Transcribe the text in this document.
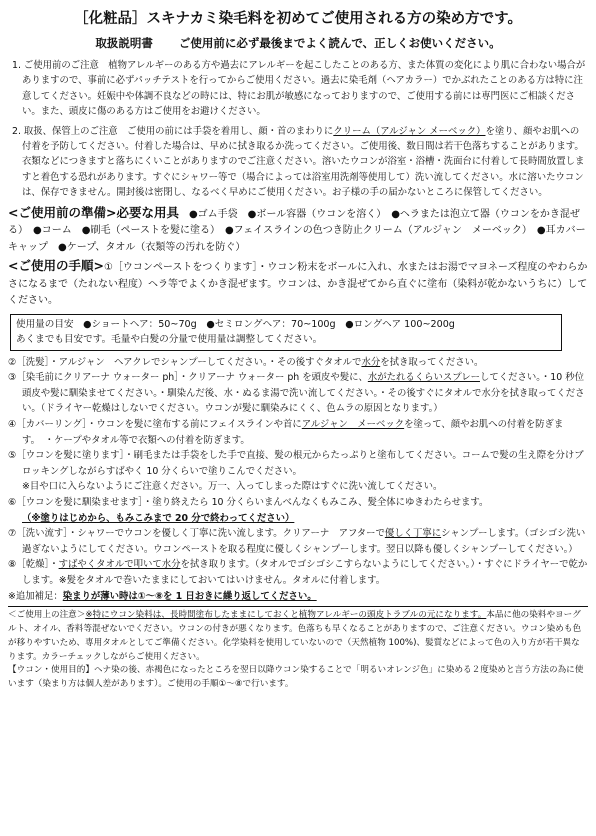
［化粧品］スキナカミ染毛料を初めてご使用される方の染め方です。
取扱説明書 ご使用前に必ず最後までよく読んで、正しくお使いください。

1. ご使用前のご注意　植物アレルギーのある方や過去にアレルギーを起こしたことのある方、また体質の変化により肌に合わない場合がありますので、事前に必ずパッチテストを行ってからご使用ください。過去に染毛剤（ヘアカラー）でかぶれたことのある方は特に注意してください。妊娠中や体調不良などの時には、特にお肌が敏感になっておりますので、ご使用する前には専門医にご相談ください。また、頭皮に傷のある方はご使用をお避けください。

2. 取扱、保管上のご注意　ご使用の前には手袋を着用し、顔・首のまわりにクリーム（アルジャン メーベック）を塗り、顔やお肌への付着を予防してください。付着した場合は、早めに拭き取るか洗ってください。ご使用後、数日間は若干色落ちすることがあります。衣類などにつきますと落ちにくいことがありますのでご注意ください。溶いたウコンが浴室・浴槽・洗面台に付着して長時間放置しますと着色する恐れがあります。すぐにシャワー等で（場合によっては浴室用洗剤等使用して）洗い流してください。水に溶いたウコンは、保存できません。開封後は密閉し、なるべく早めにご使用ください。お子様の手の届かないところに保管してください。

<ご使用前の準備>必要な用具　●ゴム手袋　●ボール容器（ウコンを溶く）　●ヘラまたは泡立て器（ウコンをかき混ぜる）　●コーム　●刷毛（ペーストを髪に塗る）　●フェイスラインの色つき防止クリーム（アルジャン　メーベック）　●耳カバーキャップ　●ケープ、タオル（衣類等の汚れを防ぐ）

<ご使用の手順>①［ウコンペーストをつくります］・ウコン粉末をボールに入れ、水またはお湯でマヨネーズ程度のやわらかさになるまで（たれない程度）ヘラ等でよくかき混ぜます。ウコンは、かき混ぜてから直ぐに塗布（染料が乾かないうちに）してください。

使用量の目安　●ショートヘア：50~70g　●セミロングヘア：70~100g　●ロングヘア 100~200g
あくまでも目安です。毛量や白髪の分量で使用量は調整してください。

②［洗髪］・アルジャン　ヘアクレでシャンプーしてください。・その後すぐタオルで水分を拭き取ってください。

③［染毛前にクリアーナ ウォーター ph］・クリアーナ ウォーター ph を頭皮や髪に、水がたれるくらいスプレーしてください。・10 秒位頭皮や髪に馴染ませてください。・馴染んだ後、水・ぬるま湯で洗い流してください。・その後すぐにタオルで水分を拭き取ってください。（ドライヤー乾燥はしないでください。ウコンが髪に馴染みにくく、色ムラの原因となります。）

④［カバーリング］・ウコンを髪に塗布する前にフェイスラインや首にアルジャン　メーベックを塗って、顔やお肌への付着を防ぎます。　・ケープやタオル等で衣類への付着を防ぎます。

⑤［ウコンを髪に塗ります］・刷毛または手袋をした手で直接、髪の根元からたっぷりと塗布してください。コームで髪の生え際を分けブロッキングしながらすばやく 10 分くらいで塗りこんでください。

※目や口に入らないようにご注意ください。万一、入ってしまった際はすぐに洗い流してください。

⑥［ウコンを髪に馴染ませます］・塗り終えたら 10 分くらいまんべんなくもみこみ、髪全体にゆきわたらせます。

（※塗りはじめから、もみこみまで 20 分で終わってください）

⑦［洗い流す］・シャワーでウコンを優しく丁寧に洗い流します。クリアーナ　アフターで優しく丁寧にシャンプーします。（ゴシゴシ洗い過ぎないようにしてください。ウコンペーストを取る程度に優しくシャンプーします。翌日以降も優しくシャンプーしてください。）

⑧［乾燥］・すばやくタオルで叩いて水分を拭き取ります。（タオルでゴシゴシこすらないようにしてください。）・すぐにドライヤーで乾かします。※髪をタオルで巻いたままにしておいてはいけません。タオルに付着します。

※追加補足：染まりが薄い時は①～⑧を 1 日おきに繰り返してください。

＜ご使用上の注意＞※特にウコン染料は、長時間塗布したままにしておくと植物アレルギーの頭皮トラブルの元になります。本品に他の染料やヨーグルト、オイル、香料等混ぜないでください。ウコンの付きが悪くなります。色落ちも早くなることがありますので、ご注意ください。ウコン染めも色が移りやすいため、専用タオルとしてご準備ください。化学染料を使用していないので（天然植物 100%)、髪質などによって色の入り方が若干異なります。カラーチェックしながらご使用ください。

【ウコン・使用目的】ヘナ染の後、赤褐色になったところを翌日以降ウコン染することで「明るいオレンジ色」に染める２度染めと言う方法の為に使います（染まり方は個人差があります）。ご使用の手順①～⑧で行います。
